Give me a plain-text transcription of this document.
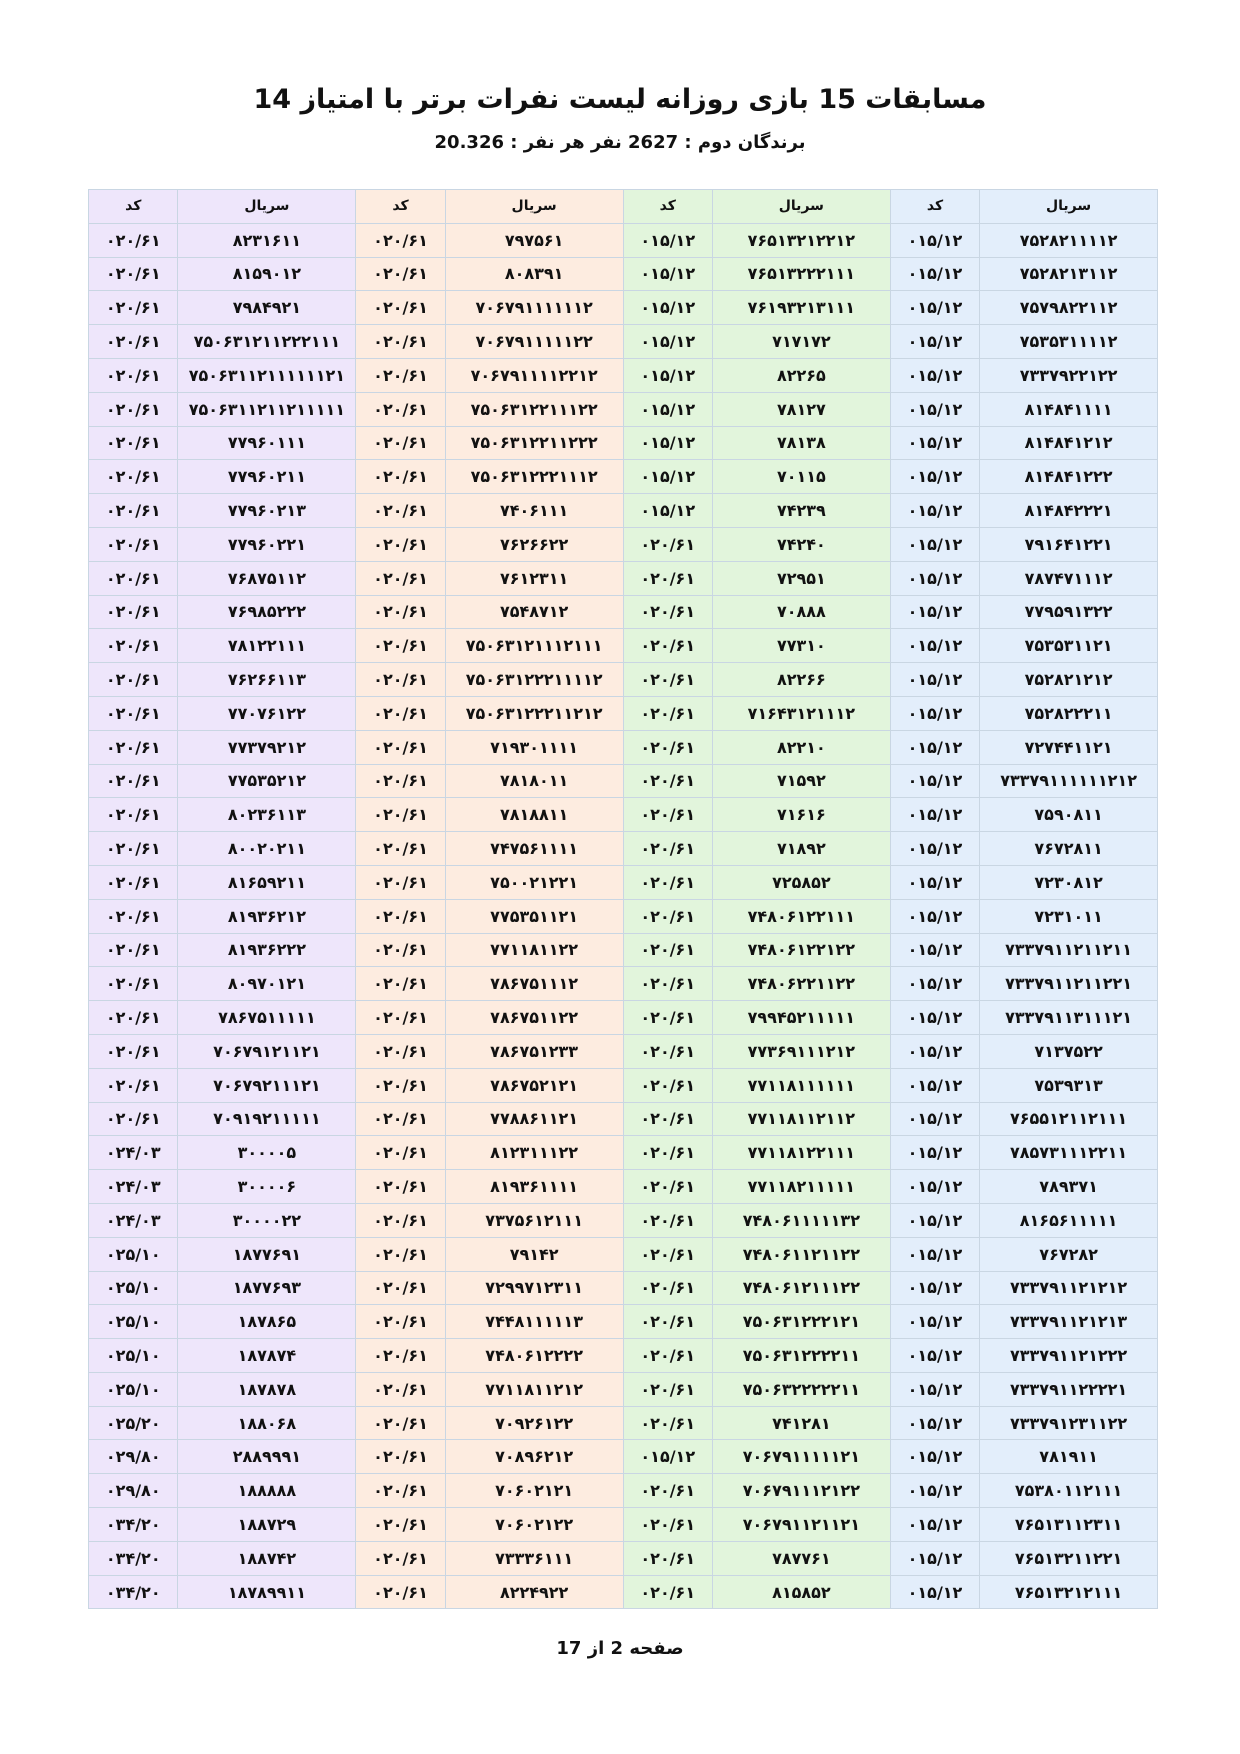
مسابقات 15 بازی روزانه لیست نفرات برتر با امتیاز 14
برندگان دوم : 2627 نفر هر نفر : 20.326
سریال	کد	سریال	کد	سریال	کد	سریال	کد
۷۵۲۸۲۱۱۱۱۲	۰۱۵/۱۲	۷۶۵۱۳۲۱۲۲۱۲	۰۱۵/۱۲	۷۹۷۵۶۱	۰۲۰/۶۱	۸۲۳۱۶۱۱	۰۲۰/۶۱
۷۵۲۸۲۱۳۱۱۲	۰۱۵/۱۲	۷۶۵۱۳۲۲۲۱۱۱	۰۱۵/۱۲	۸۰۸۳۹۱	۰۲۰/۶۱	۸۱۵۹۰۱۲	۰۲۰/۶۱
۷۵۷۹۸۲۲۱۱۲	۰۱۵/۱۲	۷۶۱۹۳۲۱۳۱۱۱	۰۱۵/۱۲	۷۰۶۷۹۱۱۱۱۱۱۲	۰۲۰/۶۱	۷۹۸۴۹۲۱	۰۲۰/۶۱
۷۵۳۵۳۱۱۱۱۲	۰۱۵/۱۲	۷۱۷۱۷۲	۰۱۵/۱۲	۷۰۶۷۹۱۱۱۱۱۲۲	۰۲۰/۶۱	۷۵۰۶۳۱۲۱۱۲۲۲۱۱۱	۰۲۰/۶۱
۷۳۳۷۹۲۲۱۲۲	۰۱۵/۱۲	۸۲۲۶۵	۰۱۵/۱۲	۷۰۶۷۹۱۱۱۱۲۲۱۲	۰۲۰/۶۱	۷۵۰۶۳۱۱۲۱۱۱۱۱۱۲۱	۰۲۰/۶۱
۸۱۴۸۴۱۱۱۱	۰۱۵/۱۲	۷۸۱۲۷	۰۱۵/۱۲	۷۵۰۶۳۱۲۲۱۱۱۲۲	۰۲۰/۶۱	۷۵۰۶۳۱۱۲۱۱۲۱۱۱۱۱	۰۲۰/۶۱
۸۱۴۸۴۱۲۱۲	۰۱۵/۱۲	۷۸۱۳۸	۰۱۵/۱۲	۷۵۰۶۳۱۲۲۱۱۲۲۲	۰۲۰/۶۱	۷۷۹۶۰۱۱۱	۰۲۰/۶۱
۸۱۴۸۴۱۲۲۲	۰۱۵/۱۲	۷۰۱۱۵	۰۱۵/۱۲	۷۵۰۶۳۱۲۲۲۱۱۱۲	۰۲۰/۶۱	۷۷۹۶۰۲۱۱	۰۲۰/۶۱
۸۱۴۸۴۲۲۲۱	۰۱۵/۱۲	۷۴۲۳۹	۰۱۵/۱۲	۷۴۰۶۱۱۱	۰۲۰/۶۱	۷۷۹۶۰۲۱۳	۰۲۰/۶۱
۷۹۱۶۴۱۲۲۱	۰۱۵/۱۲	۷۴۲۴۰	۰۲۰/۶۱	۷۶۲۶۶۲۲	۰۲۰/۶۱	۷۷۹۶۰۲۲۱	۰۲۰/۶۱
۷۸۷۴۷۱۱۱۲	۰۱۵/۱۲	۷۲۹۵۱	۰۲۰/۶۱	۷۶۱۲۳۱۱	۰۲۰/۶۱	۷۶۸۷۵۱۱۲	۰۲۰/۶۱
۷۷۹۵۹۱۳۲۲	۰۱۵/۱۲	۷۰۸۸۸	۰۲۰/۶۱	۷۵۴۸۷۱۲	۰۲۰/۶۱	۷۶۹۸۵۲۲۲	۰۲۰/۶۱
۷۵۳۵۳۱۱۲۱	۰۱۵/۱۲	۷۷۳۱۰	۰۲۰/۶۱	۷۵۰۶۳۱۲۱۱۱۲۱۱۱	۰۲۰/۶۱	۷۸۱۲۲۱۱۱	۰۲۰/۶۱
۷۵۲۸۲۱۲۱۲	۰۱۵/۱۲	۸۲۲۶۶	۰۲۰/۶۱	۷۵۰۶۳۱۲۲۲۱۱۱۱۲	۰۲۰/۶۱	۷۶۲۶۶۱۱۳	۰۲۰/۶۱
۷۵۲۸۲۲۲۱۱	۰۱۵/۱۲	۷۱۶۴۳۱۲۱۱۱۲	۰۲۰/۶۱	۷۵۰۶۳۱۲۲۲۱۱۲۱۲	۰۲۰/۶۱	۷۷۰۷۶۱۲۲	۰۲۰/۶۱
۷۲۷۴۴۱۱۲۱	۰۱۵/۱۲	۸۲۲۱۰	۰۲۰/۶۱	۷۱۹۳۰۱۱۱۱	۰۲۰/۶۱	۷۷۳۷۹۲۱۲	۰۲۰/۶۱
۷۳۳۷۹۱۱۱۱۱۱۲۱۲	۰۱۵/۱۲	۷۱۵۹۲	۰۲۰/۶۱	۷۸۱۸۰۱۱	۰۲۰/۶۱	۷۷۵۳۵۲۱۲	۰۲۰/۶۱
۷۵۹۰۸۱۱	۰۱۵/۱۲	۷۱۶۱۶	۰۲۰/۶۱	۷۸۱۸۸۱۱	۰۲۰/۶۱	۸۰۲۳۶۱۱۳	۰۲۰/۶۱
۷۶۷۲۸۱۱	۰۱۵/۱۲	۷۱۸۹۲	۰۲۰/۶۱	۷۴۷۵۶۱۱۱۱	۰۲۰/۶۱	۸۰۰۲۰۲۱۱	۰۲۰/۶۱
۷۲۳۰۸۱۲	۰۱۵/۱۲	۷۲۵۸۵۲	۰۲۰/۶۱	۷۵۰۰۲۱۲۲۱	۰۲۰/۶۱	۸۱۶۵۹۲۱۱	۰۲۰/۶۱
۷۲۳۱۰۱۱	۰۱۵/۱۲	۷۴۸۰۶۱۲۲۱۱۱	۰۲۰/۶۱	۷۷۵۳۵۱۱۲۱	۰۲۰/۶۱	۸۱۹۳۶۲۱۲	۰۲۰/۶۱
۷۳۳۷۹۱۱۲۱۱۲۱۱	۰۱۵/۱۲	۷۴۸۰۶۱۲۲۱۲۲	۰۲۰/۶۱	۷۷۱۱۸۱۱۲۲	۰۲۰/۶۱	۸۱۹۳۶۲۲۲	۰۲۰/۶۱
۷۳۳۷۹۱۱۲۱۱۲۲۱	۰۱۵/۱۲	۷۴۸۰۶۲۲۱۱۲۲	۰۲۰/۶۱	۷۸۶۷۵۱۱۱۲	۰۲۰/۶۱	۸۰۹۷۰۱۲۱	۰۲۰/۶۱
۷۳۳۷۹۱۱۳۱۱۱۲۱	۰۱۵/۱۲	۷۹۹۴۵۲۱۱۱۱۱	۰۲۰/۶۱	۷۸۶۷۵۱۱۲۲	۰۲۰/۶۱	۷۸۶۷۵۱۱۱۱۱	۰۲۰/۶۱
۷۱۳۷۵۲۲	۰۱۵/۱۲	۷۷۳۶۹۱۱۱۲۱۲	۰۲۰/۶۱	۷۸۶۷۵۱۲۳۳	۰۲۰/۶۱	۷۰۶۷۹۱۲۱۱۲۱	۰۲۰/۶۱
۷۵۳۹۳۱۳	۰۱۵/۱۲	۷۷۱۱۸۱۱۱۱۱۱	۰۲۰/۶۱	۷۸۶۷۵۲۱۲۱	۰۲۰/۶۱	۷۰۶۷۹۲۱۱۱۲۱	۰۲۰/۶۱
۷۶۵۵۱۲۱۱۲۱۱۱	۰۱۵/۱۲	۷۷۱۱۸۱۱۲۱۱۲	۰۲۰/۶۱	۷۷۸۸۶۱۱۲۱	۰۲۰/۶۱	۷۰۹۱۹۲۱۱۱۱۱	۰۲۰/۶۱
۷۸۵۷۳۱۱۱۲۲۱۱	۰۱۵/۱۲	۷۷۱۱۸۱۲۲۱۱۱	۰۲۰/۶۱	۸۱۲۳۱۱۱۲۲	۰۲۰/۶۱	۳۰۰۰۰۵	۰۲۴/۰۳
۷۸۹۳۷۱	۰۱۵/۱۲	۷۷۱۱۸۲۱۱۱۱۱	۰۲۰/۶۱	۸۱۹۳۶۱۱۱۱	۰۲۰/۶۱	۳۰۰۰۰۶	۰۲۴/۰۳
۸۱۶۵۶۱۱۱۱۱	۰۱۵/۱۲	۷۴۸۰۶۱۱۱۱۱۳۲	۰۲۰/۶۱	۷۳۷۵۶۱۲۱۱۱	۰۲۰/۶۱	۳۰۰۰۰۲۲	۰۲۴/۰۳
۷۶۷۲۸۲	۰۱۵/۱۲	۷۴۸۰۶۱۱۲۱۱۲۲	۰۲۰/۶۱	۷۹۱۴۲	۰۲۰/۶۱	۱۸۷۷۶۹۱	۰۲۵/۱۰
۷۳۳۷۹۱۱۲۱۲۱۲	۰۱۵/۱۲	۷۴۸۰۶۱۲۱۱۱۲۲	۰۲۰/۶۱	۷۲۹۹۷۱۲۳۱۱	۰۲۰/۶۱	۱۸۷۷۶۹۳	۰۲۵/۱۰
۷۳۳۷۹۱۱۲۱۲۱۳	۰۱۵/۱۲	۷۵۰۶۳۱۲۲۲۱۲۱	۰۲۰/۶۱	۷۴۴۸۱۱۱۱۱۳	۰۲۰/۶۱	۱۸۷۸۶۵	۰۲۵/۱۰
۷۳۳۷۹۱۱۲۱۲۲۲	۰۱۵/۱۲	۷۵۰۶۳۱۲۲۲۲۱۱	۰۲۰/۶۱	۷۴۸۰۶۱۲۲۲۲	۰۲۰/۶۱	۱۸۷۸۷۴	۰۲۵/۱۰
۷۳۳۷۹۱۱۲۲۲۲۱	۰۱۵/۱۲	۷۵۰۶۳۲۲۲۲۲۱۱	۰۲۰/۶۱	۷۷۱۱۸۱۱۲۱۲	۰۲۰/۶۱	۱۸۷۸۷۸	۰۲۵/۱۰
۷۳۳۷۹۱۲۳۱۱۲۲	۰۱۵/۱۲	۷۴۱۲۸۱	۰۲۰/۶۱	۷۰۹۲۶۱۲۲	۰۲۰/۶۱	۱۸۸۰۶۸	۰۲۵/۲۰
۷۸۱۹۱۱	۰۱۵/۱۲	۷۰۶۷۹۱۱۱۱۱۲۱	۰۱۵/۱۲	۷۰۸۹۶۲۱۲	۰۲۰/۶۱	۲۸۸۹۹۹۱	۰۲۹/۸۰
۷۵۳۸۰۱۱۲۱۱۱	۰۱۵/۱۲	۷۰۶۷۹۱۱۱۲۱۲۲	۰۲۰/۶۱	۷۰۶۰۲۱۲۱	۰۲۰/۶۱	۱۸۸۸۸۸	۰۲۹/۸۰
۷۶۵۱۳۱۱۲۳۱۱	۰۱۵/۱۲	۷۰۶۷۹۱۱۲۱۱۲۱	۰۲۰/۶۱	۷۰۶۰۲۱۲۲	۰۲۰/۶۱	۱۸۸۷۲۹	۰۳۴/۲۰
۷۶۵۱۳۲۱۱۲۲۱	۰۱۵/۱۲	۷۸۷۷۶۱	۰۲۰/۶۱	۷۳۳۳۶۱۱۱	۰۲۰/۶۱	۱۸۸۷۴۲	۰۳۴/۲۰
۷۶۵۱۳۲۱۲۱۱۱	۰۱۵/۱۲	۸۱۵۸۵۲	۰۲۰/۶۱	۸۲۲۴۹۲۲	۰۲۰/۶۱	۱۸۷۸۹۹۱۱	۰۳۴/۲۰
صفحه 2 از 17
